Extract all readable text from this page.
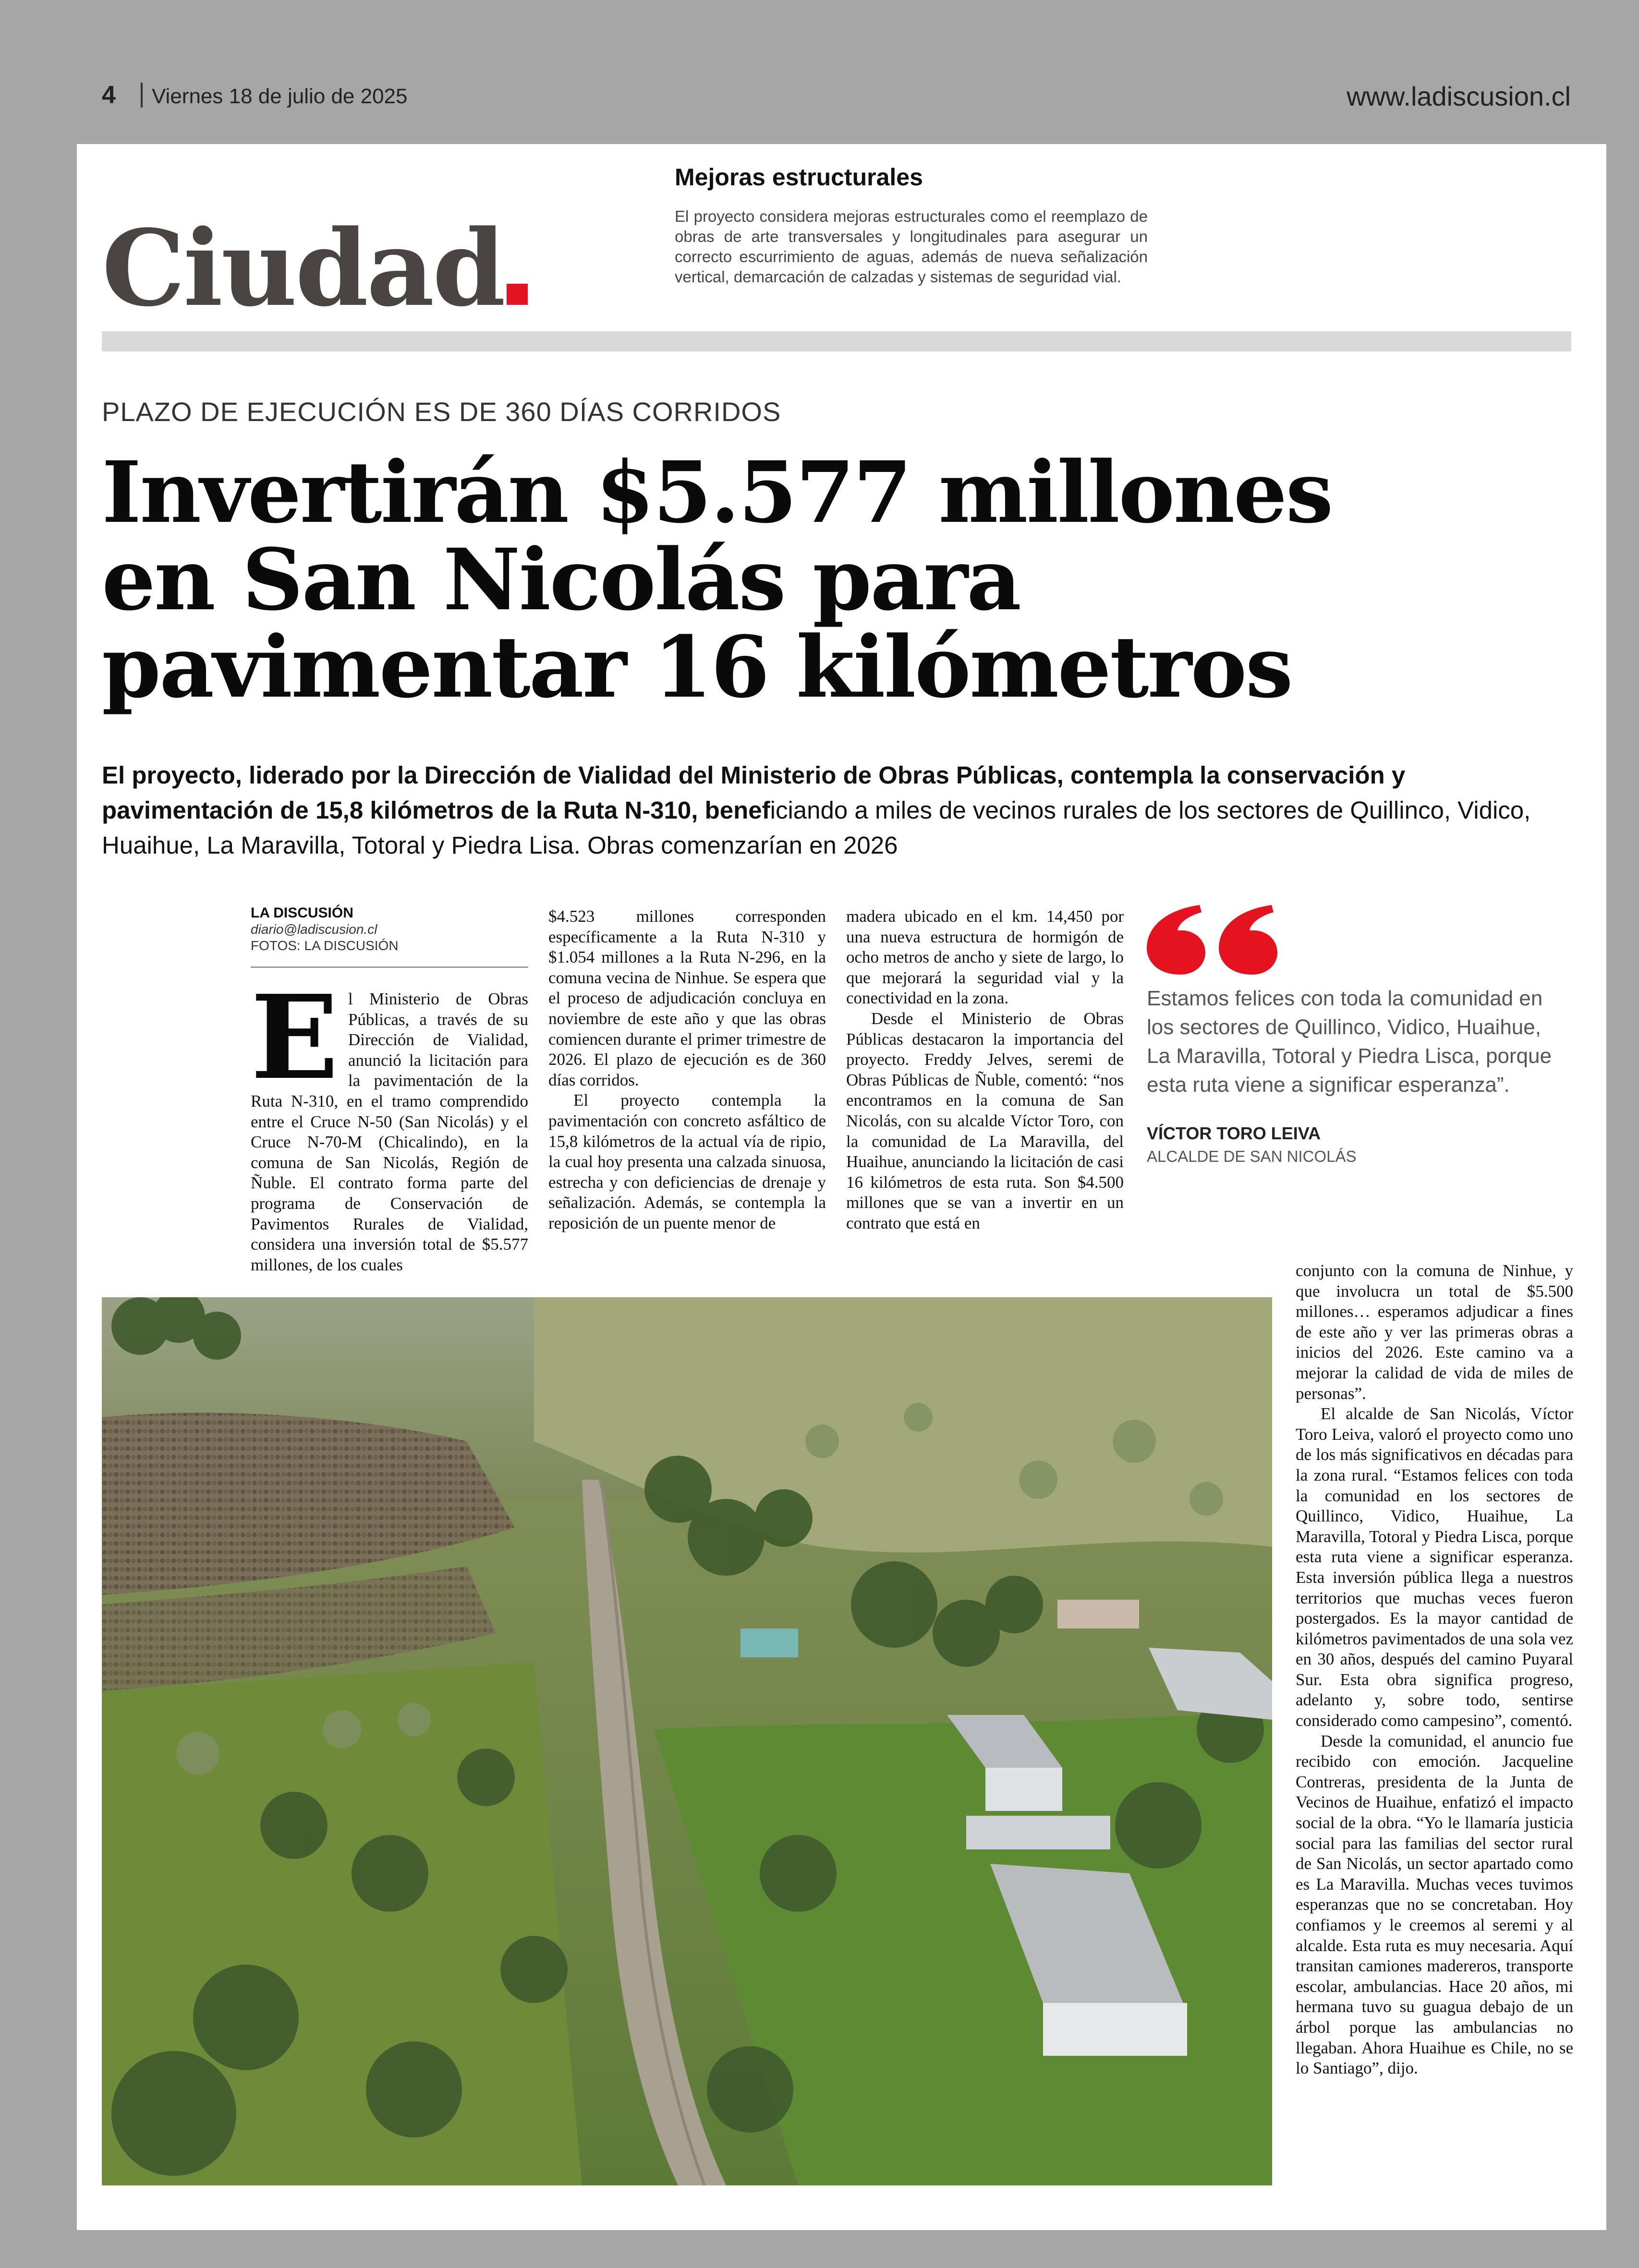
4 Viernes 18 de julio de 2025	www.ladiscusion.cl
Ciudad
Mejoras estructurales

El proyecto considera mejoras estructurales como el reemplazo de obras de arte transversales y longitudinales para asegurar un correcto escurrimiento de aguas, además de nueva señalización vertical, demarcación de calzadas y sistemas de seguridad vial.

PLAZO DE EJECUCIÓN ES DE 360 DÍAS CORRIDOS
Invertirán $5.577 millones
en San Nicolás para
pavimentar 16 kilómetros

El proyecto, liderado por la Dirección de Vialidad del Ministerio de Obras Públicas, contempla la conservación y pavimentación de 15,8 kilómetros de la Ruta N-310, beneficiando a miles de vecinos rurales de los sectores de Quillinco, Vidico, Huaihue, La Maravilla, Totoral y Piedra Lisa. Obras comenzarían en 2026

LA DISCUSIÓN
diario@ladiscusion.cl
FOTOS: LA DISCUSIÓN
E l Ministerio de Obras Públicas, a través de su Dirección de Vialidad, anunció la licitación para la pavimentación de la Ruta N-310, en el tramo comprendido entre el Cruce N-50 (San Nicolás) y el Cruce N-70-M (Chicalindo), en la comuna de San Nicolás, Región de Ñuble. El contrato forma parte del programa de Conservación de Pavimentos Rurales de Vialidad, considera una inversión total de $5.577 millones, de los cuales

$4.523 millones corresponden específicamente a la Ruta N-310 y $1.054 millones a la Ruta N-296, en la comuna vecina de Ninhue. Se espera que el proceso de adjudicación concluya en noviembre de este año y que las obras comiencen durante el primer trimestre de 2026. El plazo de ejecución es de 360 días corridos.

El proyecto contempla la pavimentación con concreto asfáltico de 15,8 kilómetros de la actual vía de ripio, la cual hoy presenta una calzada sinuosa, estrecha y con deficiencias de drenaje y señalización. Además, se contempla la reposición de un puente menor de

madera ubicado en el km. 14,450 por una nueva estructura de hormigón de ocho metros de ancho y siete de largo, lo que mejorará la seguridad vial y la conectividad en la zona.

Desde el Ministerio de Obras Públicas destacaron la importancia del proyecto. Freddy Jelves, seremi de Obras Públicas de Ñuble, comentó: “nos encontramos en la comuna de San Nicolás, con su alcalde Víctor Toro, con la comunidad de La Maravilla, del Huaihue, anunciando la licitación de casi 16 kilómetros de esta ruta. Son $4.500 millones que se van a invertir en un contrato que está en

Estamos felices con toda la comunidad en los sectores de Quillinco, Vidico, Huaihue, La Maravilla, Totoral y Piedra Lisca, porque esta ruta viene a significar esperanza”.

VÍCTOR TORO LEIVA
ALCALDE DE SAN NICOLÁS

conjunto con la comuna de Ninhue, y que involucra un total de $5.500 millones… esperamos adjudicar a fines de este año y ver las primeras obras a inicios del 2026. Este camino va a mejorar la calidad de vida de miles de personas”.

El alcalde de San Nicolás, Víctor Toro Leiva, valoró el proyecto como uno de los más significativos en décadas para la zona rural. “Estamos felices con toda la comunidad en los sectores de Quillinco, Vidico, Huaihue, La Maravilla, Totoral y Piedra Lisca, porque esta ruta viene a significar esperanza. Esta inversión pública llega a nuestros territorios que muchas veces fueron postergados. Es la mayor cantidad de kilómetros pavimentados de una sola vez en 30 años, después del camino Puyaral Sur. Esta obra significa progreso, adelanto y, sobre todo, sentirse considerado como campesino”, comentó.

Desde la comunidad, el anuncio fue recibido con emoción. Jacqueline Contreras, presidenta de la Junta de Vecinos de Huaihue, enfatizó el impacto social de la obra. “Yo le llamaría justicia social para las familias del sector rural de San Nicolás, un sector apartado como es La Maravilla. Muchas veces tuvimos esperanzas que no se concretaban. Hoy confiamos y le creemos al seremi y al alcalde. Esta ruta es muy necesaria. Aquí transitan camiones madereros, transporte escolar, ambulancias. Hace 20 años, mi hermana tuvo su guagua debajo de un árbol porque las ambulancias no llegaban. Ahora Huaihue es Chile, no se lo Santiago”, dijo.
